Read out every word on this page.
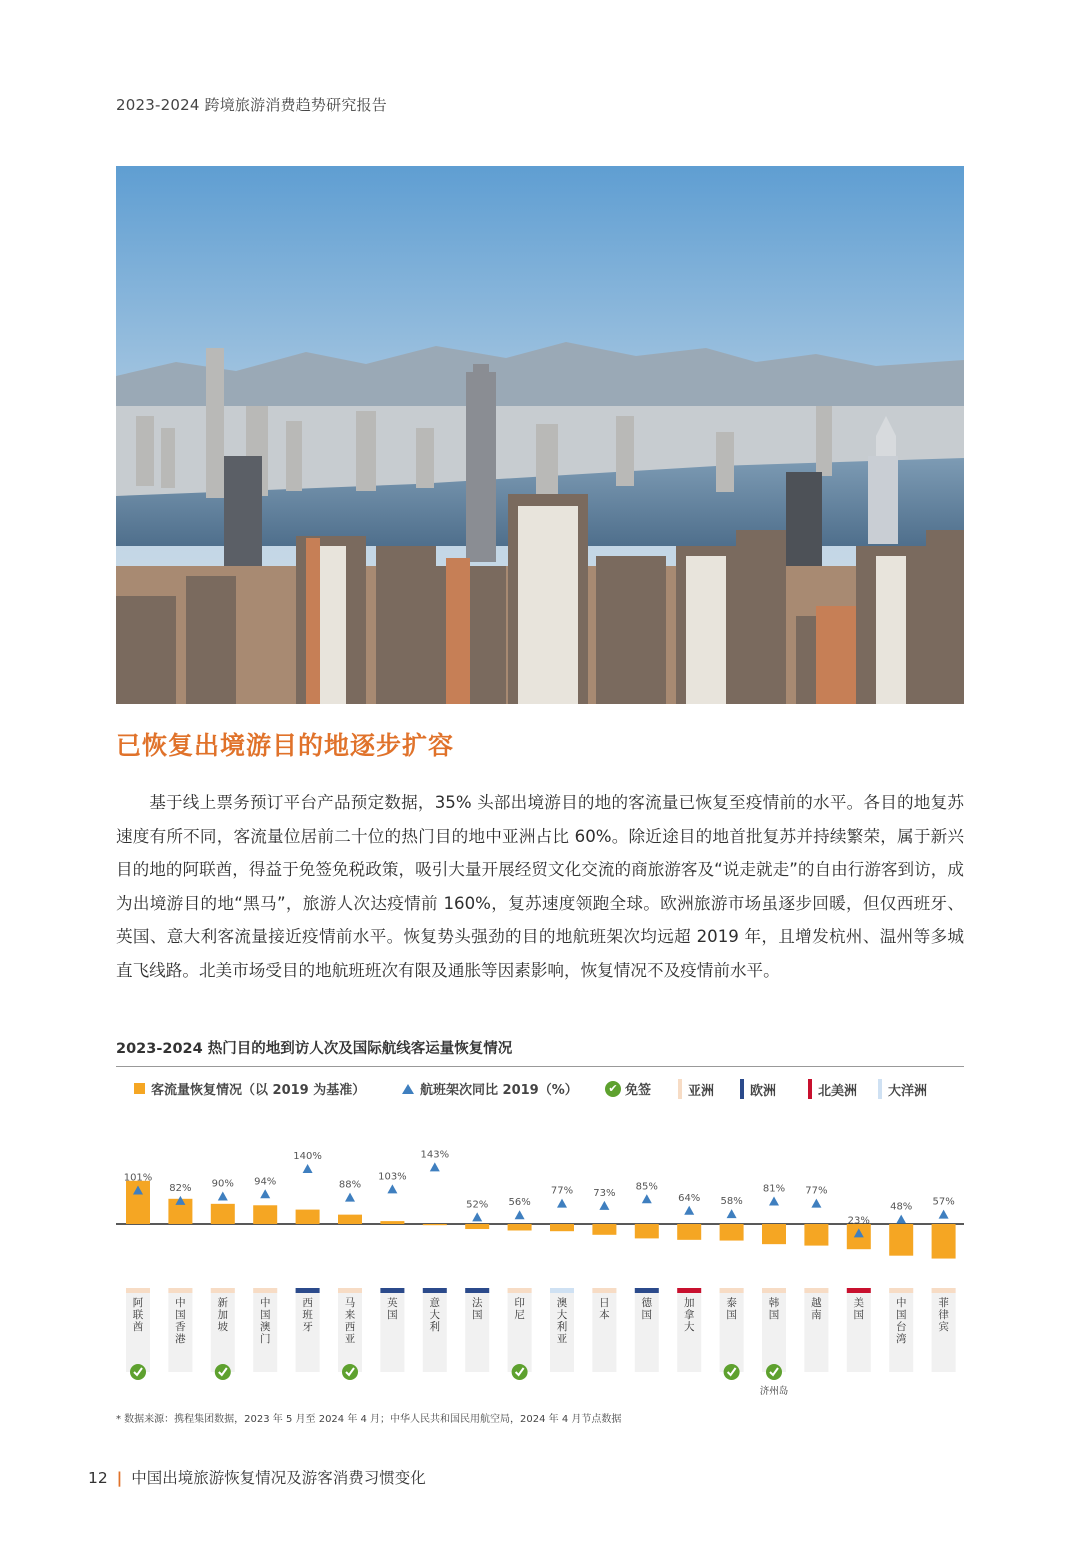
2023-2024 跨境旅游消费趋势研究报告
已恢复出境游目的地逐步扩容
基于线上票务预订平台产品预定数据，35% 头部出境游目的地的客流量已恢复至疫情前的水平。各目的地复苏速度有所不同，客流量位居前二十位的热门目的地中亚洲占比 60%。除近途目的地首批复苏并持续繁荣，属于新兴目的地的阿联酋，得益于免签免税政策，吸引大量开展经贸文化交流的商旅游客及“说走就走”的自由行游客到访，成为出境游目的地“黑马”，旅游人次达疫情前 160%，复苏速度领跑全球。欧洲旅游市场虽逐步回暖，但仅西班牙、英国、意大利客流量接近疫情前水平。恢复势头强劲的目的地航班架次均远超 2019 年，且增发杭州、温州等多城直飞线路。北美市场受目的地航班班次有限及通胀等因素影响，恢复情况不及疫情前水平。
2023-2024 热门目的地到访人次及国际航线客运量恢复情况
客流量恢复情况（以 2019 为基准）	航班架次同比 2019（%）	✔ 免签	亚洲	欧洲	北美洲 大洋洲
101%
阿联酋
82%
中国香港
90%
新加坡
94%
中国澳门
140%
西班牙
88%
马来西亚
103%
英国
143%
意大利
52%
法国
56%
印尼
77%
澳大利亚
73%
日本
85%
德国
64%
加拿大
58%
泰国
81%
韩国
77%
越南
23%
美国
48%
中国台湾
57%
菲律宾
济州岛
* 数据来源：携程集团数据，2023 年 5 月至 2024 年 4 月；中华人民共和国民用航空局，2024 年 4 月节点数据
12 | 中国出境旅游恢复情况及游客消费习惯变化
